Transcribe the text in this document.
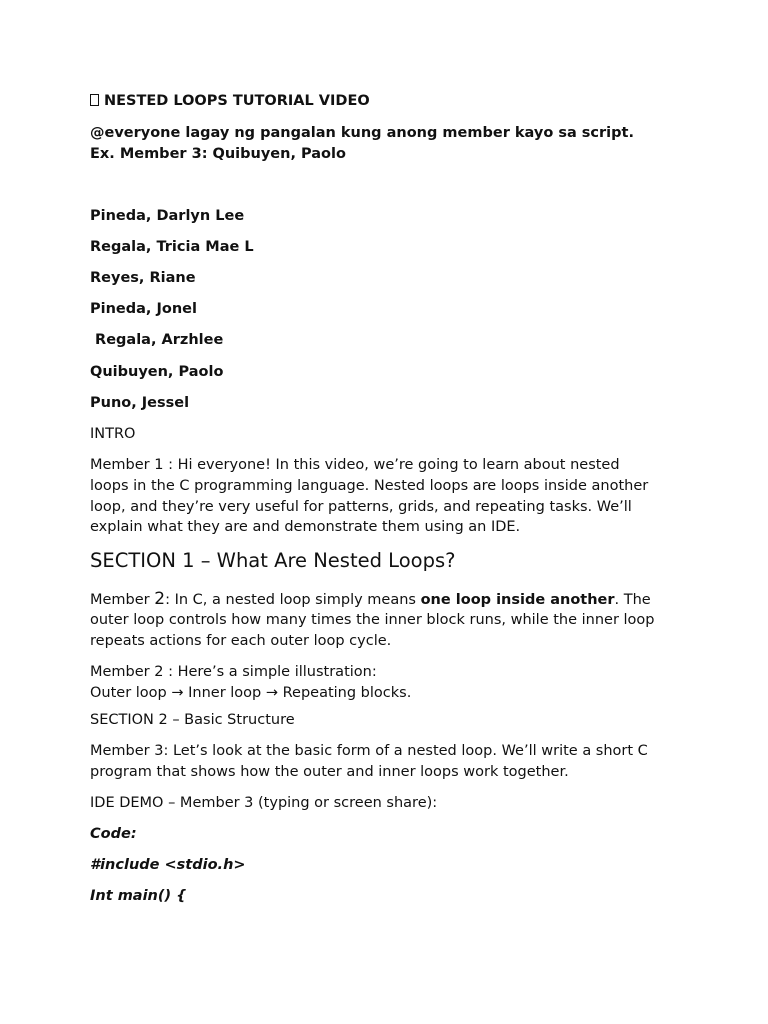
NESTED LOOPS TUTORIAL VIDEO
@everyone lagay ng pangalan kung anong member kayo sa script.
Ex. Member 3: Quibuyen, Paolo
Pineda, Darlyn Lee
Regala, Tricia Mae L
Reyes, Riane
Pineda, Jonel
Regala, Arzhlee
Quibuyen, Paolo
Puno, Jessel
INTRO
Member 1 : Hi everyone! In this video, we’re going to learn about nested
loops in the C programming language. Nested loops are loops inside another
loop, and they’re very useful for patterns, grids, and repeating tasks. We’ll
explain what they are and demonstrate them using an IDE.
SECTION 1 – What Are Nested Loops?
Member 2: In C, a nested loop simply means one loop inside another. The
outer loop controls how many times the inner block runs, while the inner loop
repeats actions for each outer loop cycle.
Member 2 : Here’s a simple illustration:
Outer loop → Inner loop → Repeating blocks.
SECTION 2 – Basic Structure
Member 3: Let’s look at the basic form of a nested loop. We’ll write a short C
program that shows how the outer and inner loops work together.
IDE DEMO – Member 3 (typing or screen share):
Code:
#include <stdio.h>
Int main() {
